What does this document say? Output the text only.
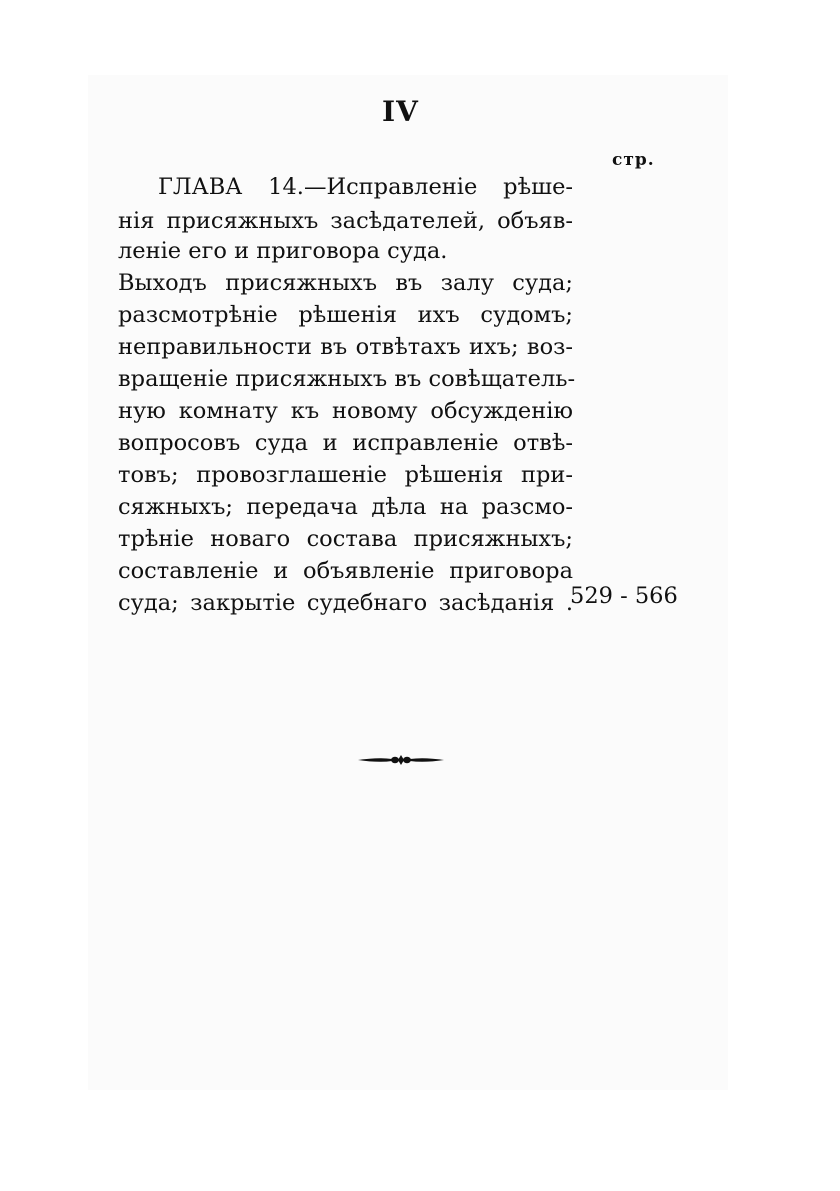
IV
стр.
ГЛАВА 14.—Исправленіе рѣше-
нія присяжныхъ засѣдателей, объяв-
леніе его и приговора суда.
Выходъ присяжныхъ въ залу суда;
разсмотрѣніе рѣшенія ихъ судомъ;
неправильности въ отвѣтахъ ихъ; воз-
вращеніе присяжныхъ въ совѣщатель-
ную комнату къ новому обсужденію
вопросовъ суда и исправленіе отвѣ-
товъ; провозглашеніе рѣшенія при-
сяжныхъ; передача дѣла на разсмо-
трѣніе новаго состава присяжныхъ;
составленіе и объявленіе приговора
суда; закрытіе судебнаго засѣданія .
529 - 566
